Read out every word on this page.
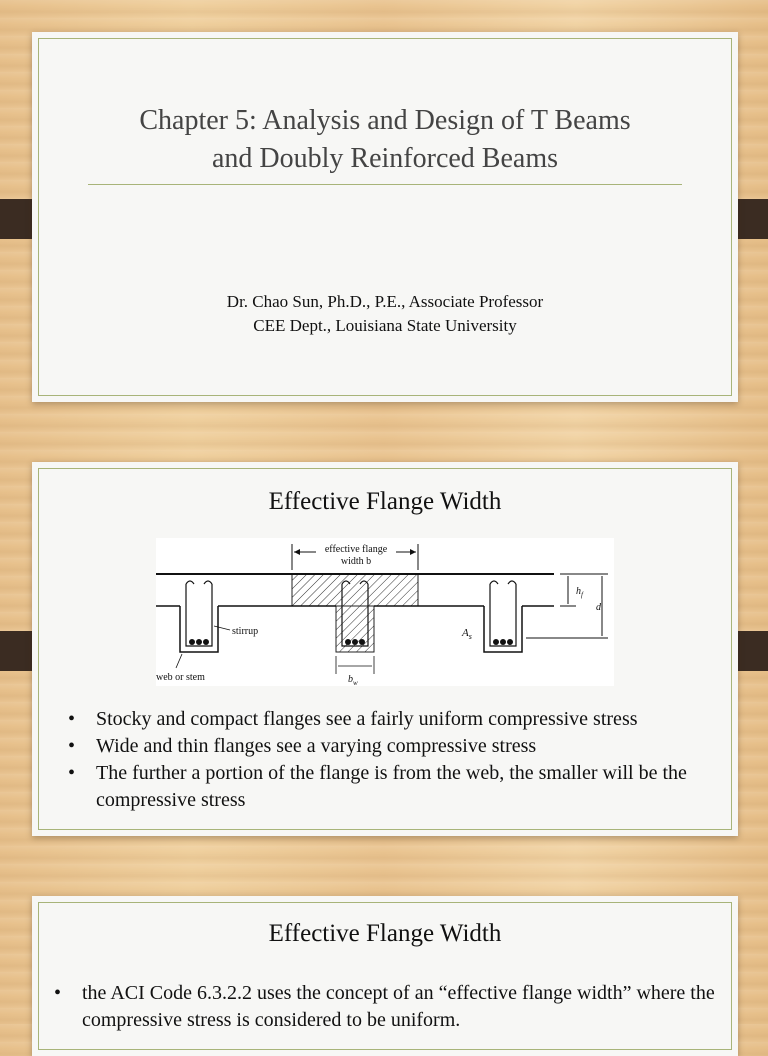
Chapter 5: Analysis and Design of T Beams
and Doubly Reinforced Beams
Dr. Chao Sun, Ph.D., P.E., Associate Professor
CEE Dept., Louisiana State University
Effective Flange Width
effective flange
width b
$h_f$
d
$A_s$
stirrup
web or stem	$b_w$
• Stocky and compact flanges see a fairly uniform compressive stress
• Wide and thin flanges see a varying compressive stress
• The further a portion of the flange is from the web, the smaller will be the compressive stress
Effective Flange Width
• the ACI Code 6.3.2.2 uses the concept of an “effective flange width” where the compressive stress is considered to be uniform.
